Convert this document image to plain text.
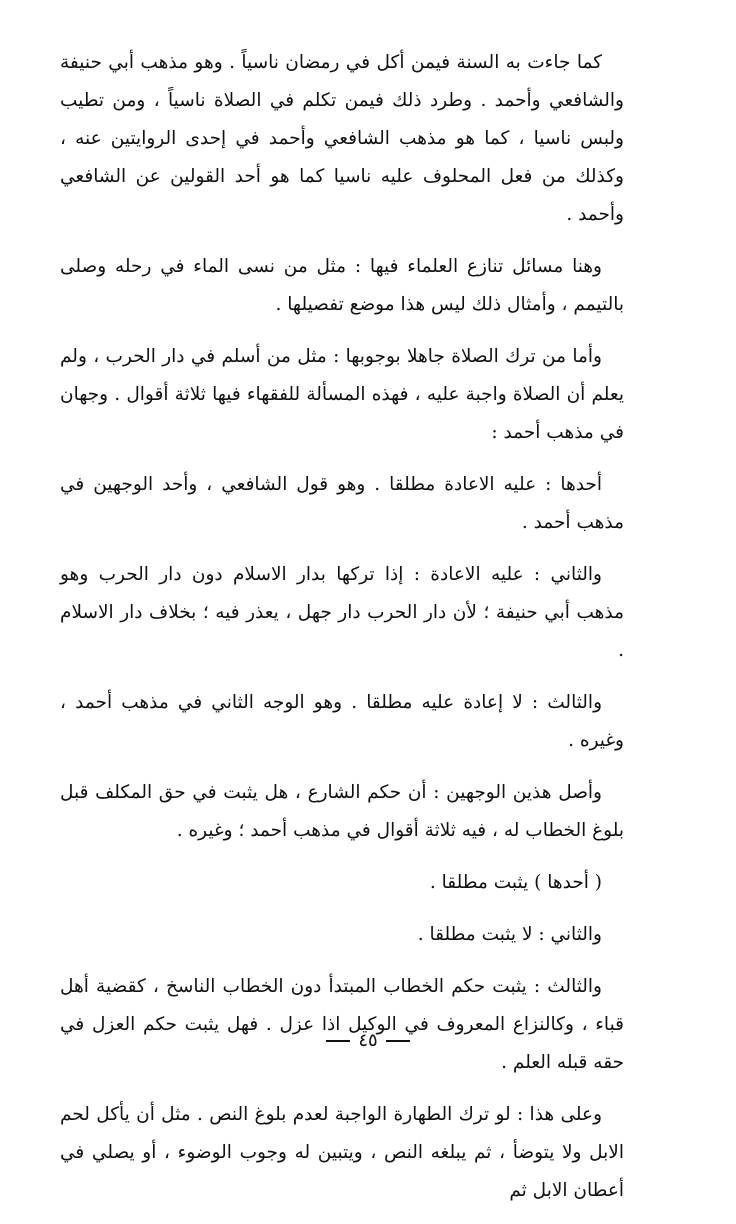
كما جاءت به السنة فيمن أكل في رمضان ناسياً . وهو مذهب أبي حنيفة والشافعي وأحمد . وطرد ذلك فيمن تكلم في الصلاة ناسياً ، ومن تطيب ولبس ناسيا ، كما هو مذهب الشافعي وأحمد في إحدى الروايتين عنه ، وكذلك من فعل المحلوف عليه ناسيا كما هو أحد القولين عن الشافعي وأحمد .

وهنا مسائل تنازع العلماء فيها : مثل من نسى الماء في رحله وصلى بالتيمم ، وأمثال ذلك ليس هذا موضع تفصيلها .

وأما من ترك الصلاة جاهلا بوجوبها : مثل من أسلم في دار الحرب ، ولم يعلم أن الصلاة واجبة عليه ، فهذه المسألة للفقهاء فيها ثلاثة أقوال . وجهان في مذهب أحمد :

أحدها : عليه الاعادة مطلقا . وهو قول الشافعي ، وأحد الوجهين في مذهب أحمد .

والثاني : عليه الاعادة : إذا تركها بدار الاسلام دون دار الحرب وهو مذهب أبي حنيفة ؛ لأن دار الحرب دار جهل ، يعذر فيه ؛ بخلاف دار الاسلام .

والثالث : لا إعادة عليه مطلقا . وهو الوجه الثاني في مذهب أحمد ، وغيره .

وأصل هذين الوجهين : أن حكم الشارع ، هل يثبت في حق المكلف قبل بلوغ الخطاب له ، فيه ثلاثة أقوال في مذهب أحمد ؛ وغيره .

( أحدها ) يثبت مطلقا .

والثاني : لا يثبت مطلقا .

والثالث : يثبت حكم الخطاب المبتدأ دون الخطاب الناسخ ، كقضية أهل قباء ، وكالنزاع المعروف في الوكيل اذا عزل . فهل يثبت حكم العزل في حقه قبله العلم .

وعلى هذا : لو ترك الطهارة الواجبة لعدم بلوغ النص . مثل أن يأكل لحم الابل ولا يتوضأ ، ثم يبلغه النص ، ويتبين له وجوب الوضوء ، أو يصلي في أعطان الابل ثم

٤٥
